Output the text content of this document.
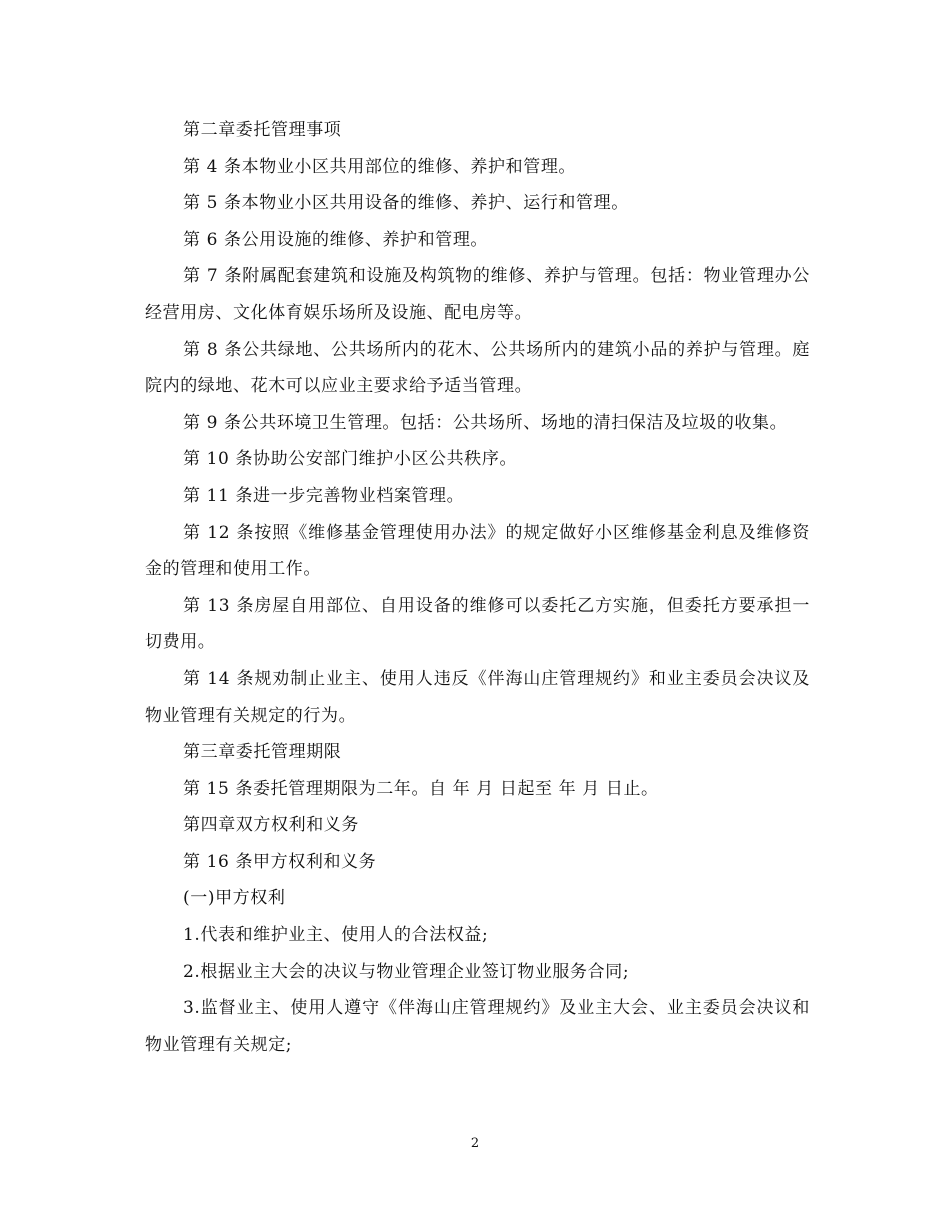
第二章委托管理事项

第 4 条本物业小区共用部位的维修、养护和管理。

第 5 条本物业小区共用设备的维修、养护、运行和管理。

第 6 条公用设施的维修、养护和管理。

第 7 条附属配套建筑和设施及构筑物的维修、养护与管理。包括：物业管理办公经营用房、文化体育娱乐场所及设施、配电房等。

第 8 条公共绿地、公共场所内的花木、公共场所内的建筑小品的养护与管理。庭院内的绿地、花木可以应业主要求给予适当管理。

第 9 条公共环境卫生管理。包括：公共场所、场地的清扫保洁及垃圾的收集。

第 10 条协助公安部门维护小区公共秩序。

第 11 条进一步完善物业档案管理。

第 12 条按照《维修基金管理使用办法》的规定做好小区维修基金利息及维修资金的管理和使用工作。

第 13 条房屋自用部位、自用设备的维修可以委托乙方实施，但委托方要承担一切费用。

第 14 条规劝制止业主、使用人违反《伴海山庄管理规约》和业主委员会决议及物业管理有关规定的行为。

第三章委托管理期限

第 15 条委托管理期限为二年。自 年 月 日起至 年 月 日止。

第四章双方权利和义务

第 16 条甲方权利和义务

(一)甲方权利

1.代表和维护业主、使用人的合法权益;

2.根据业主大会的决议与物业管理企业签订物业服务合同;

3.监督业主、使用人遵守《伴海山庄管理规约》及业主大会、业主委员会决议和物业管理有关规定;

2
